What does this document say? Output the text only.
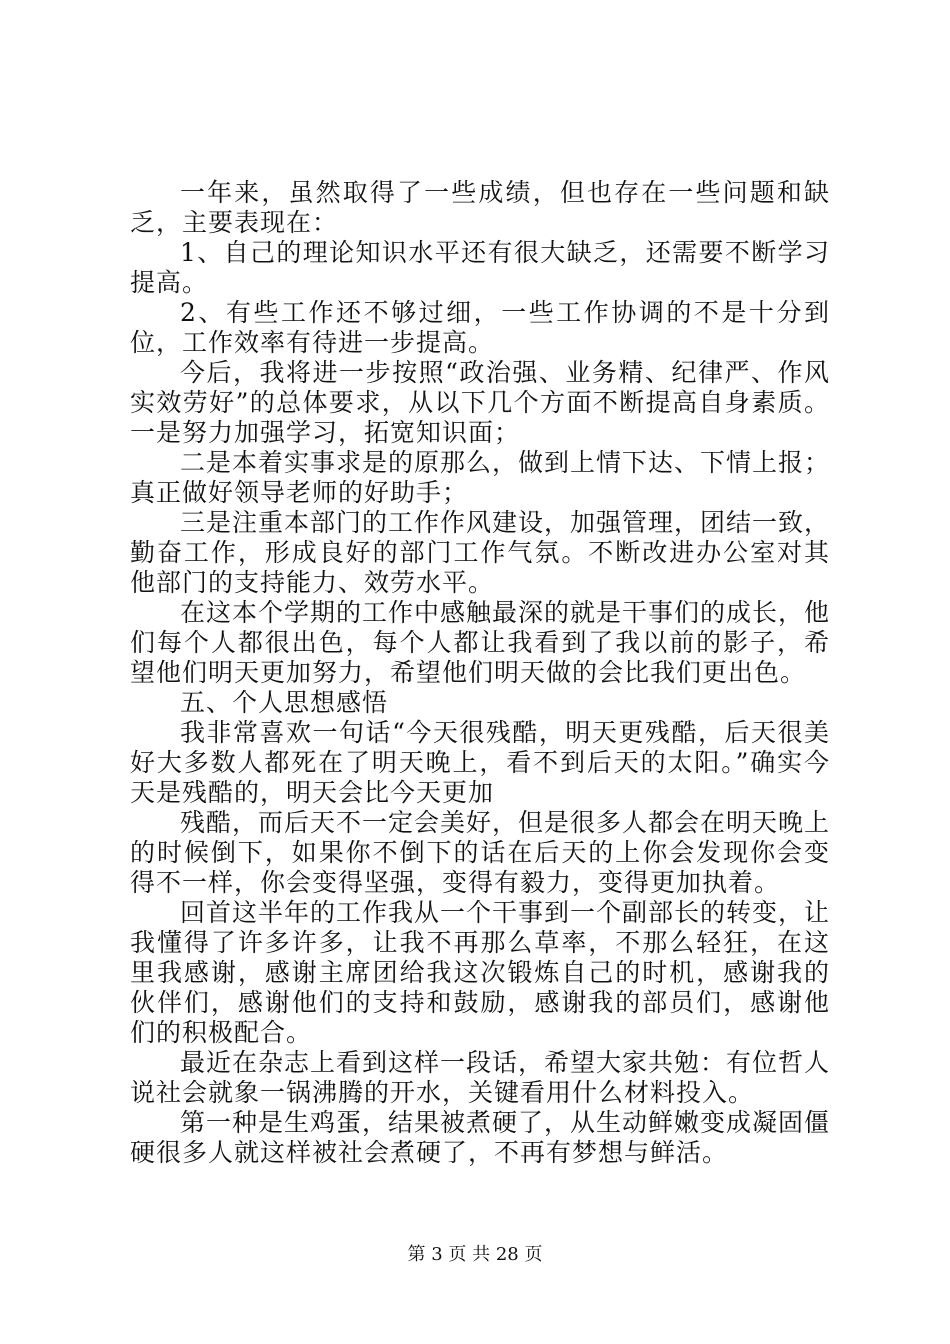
一年来，虽然取得了一些成绩，但也存在一些问题和缺乏，主要表现在：

1、自己的理论知识水平还有很大缺乏，还需要不断学习提高。

2、有些工作还不够过细，一些工作协调的不是十分到位，工作效率有待进一步提高。

今后，我将进一步按照“政治强、业务精、纪律严、作风实效劳好”的总体要求，从以下几个方面不断提高自身素质。一是努力加强学习，拓宽知识面；

二是本着实事求是的原那么，做到上情下达、下情上报；真正做好领导老师的好助手；

三是注重本部门的工作作风建设，加强管理，团结一致，勤奋工作，形成良好的部门工作气氛。不断改进办公室对其他部门的支持能力、效劳水平。

在这本个学期的工作中感触最深的就是干事们的成长，他们每个人都很出色，每个人都让我看到了我以前的影子，希望他们明天更加努力，希望他们明天做的会比我们更出色。

五、个人思想感悟

我非常喜欢一句话“今天很残酷，明天更残酷，后天很美好大多数人都死在了明天晚上，看不到后天的太阳。”确实今天是残酷的，明天会比今天更加

残酷，而后天不一定会美好，但是很多人都会在明天晚上的时候倒下，如果你不倒下的话在后天的上你会发现你会变得不一样，你会变得坚强，变得有毅力，变得更加执着。

回首这半年的工作我从一个干事到一个副部长的转变，让我懂得了许多许多，让我不再那么草率，不那么轻狂，在这里我感谢，感谢主席团给我这次锻炼自己的时机，感谢我的伙伴们，感谢他们的支持和鼓励，感谢我的部员们，感谢他们的积极配合。

最近在杂志上看到这样一段话，希望大家共勉：有位哲人说社会就象一锅沸腾的开水，关键看用什么材料投入。

第一种是生鸡蛋，结果被煮硬了，从生动鲜嫩变成凝固僵硬很多人就这样被社会煮硬了，不再有梦想与鲜活。

第 3 页 共 28 页
